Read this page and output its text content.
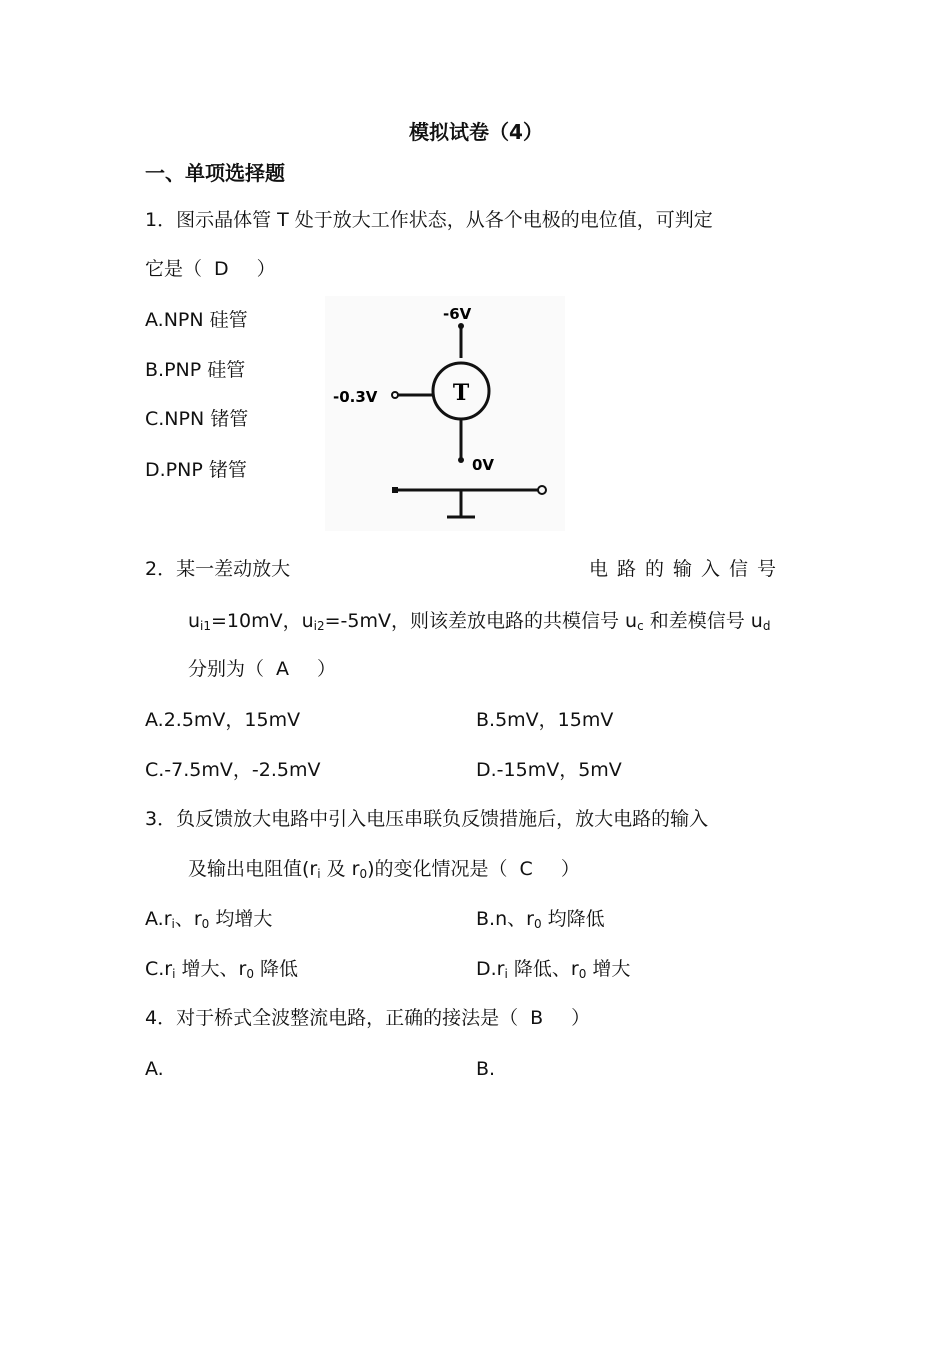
模拟试卷（4）
一、单项选择题
1．图示晶体管 T 处于放大工作状态，从各个电极的电位值，可判定
它是（ D ）
A.NPN 硅管
B.PNP 硅管
C.NPN 锗管
D.PNP 锗管
-6V
T
-0.3V
0V
2．某一差动放大	电路的输入信号
$u_{i1}=10mV$，$u_{i2}=-5mV$，则该差放电路的共模信号 $u_c$ 和差模信号 $u_d$
分别为（ A ）
A.2.5mV，15mV	B.5mV，15mV
C.-7.5mV，-2.5mV	D.-15mV，5mV
3．负反馈放大电路中引入电压串联负反馈措施后，放大电路的输入
及输出电阻值($r_i$ 及 $r_0$)的变化情况是（ C ）
$A.r_i$、$r_0$ 均增大	B.n、$r_0$ 均降低
$C.r_i$ 增大、$r_0$ 降低	$D.r_i$ 降低、$r_0$ 增大
4．对于桥式全波整流电路，正确的接法是（ B ）
A.	B.
